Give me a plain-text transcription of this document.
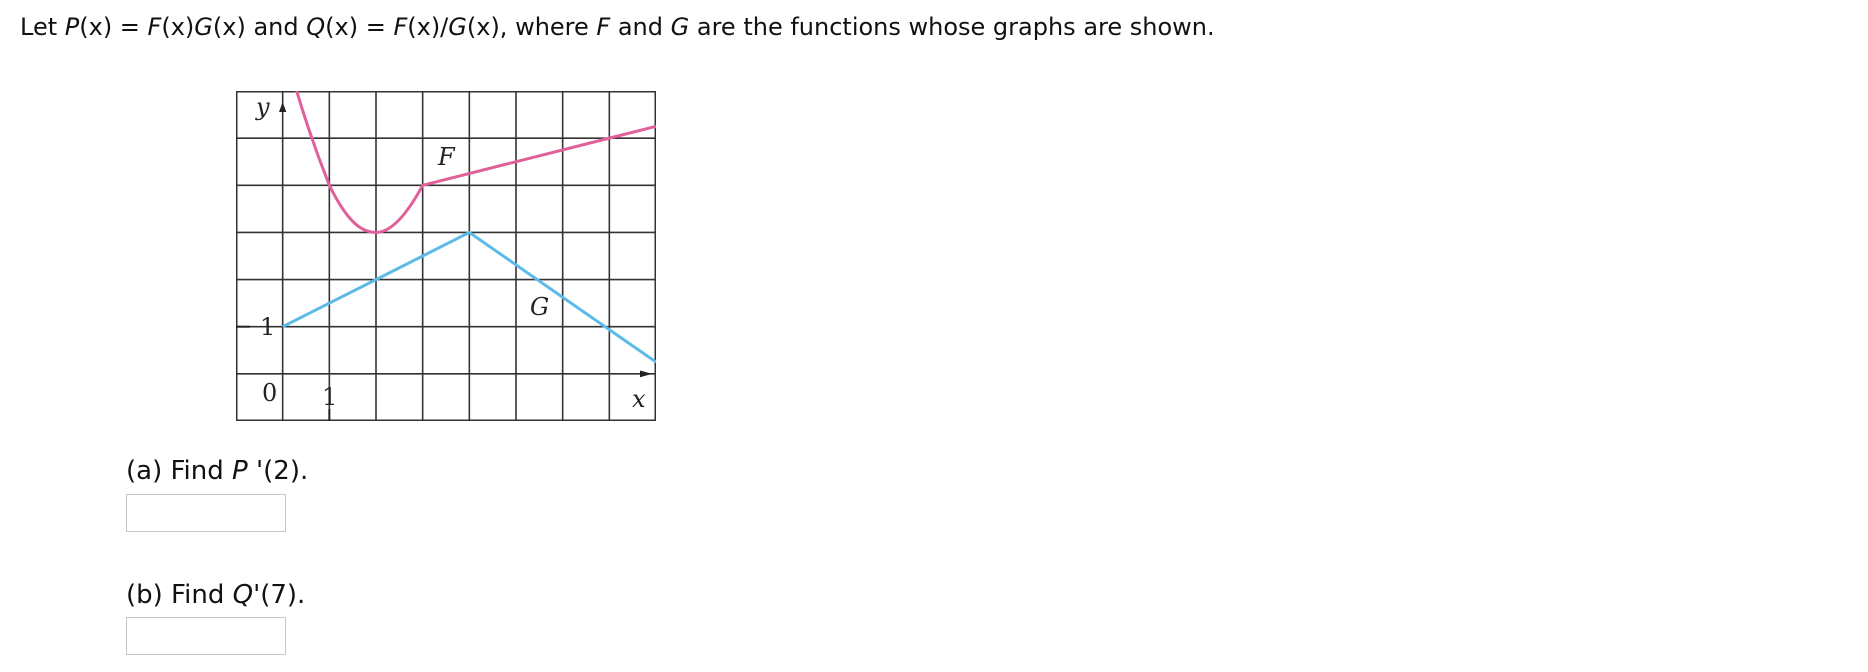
Let P(x) = F(x)G(x) and Q(x) = F(x)/G(x), where F and G are the functions whose graphs are shown.
y
x
0 1
1
F
G
(a) Find P '(2).
(b) Find Q'(7).
